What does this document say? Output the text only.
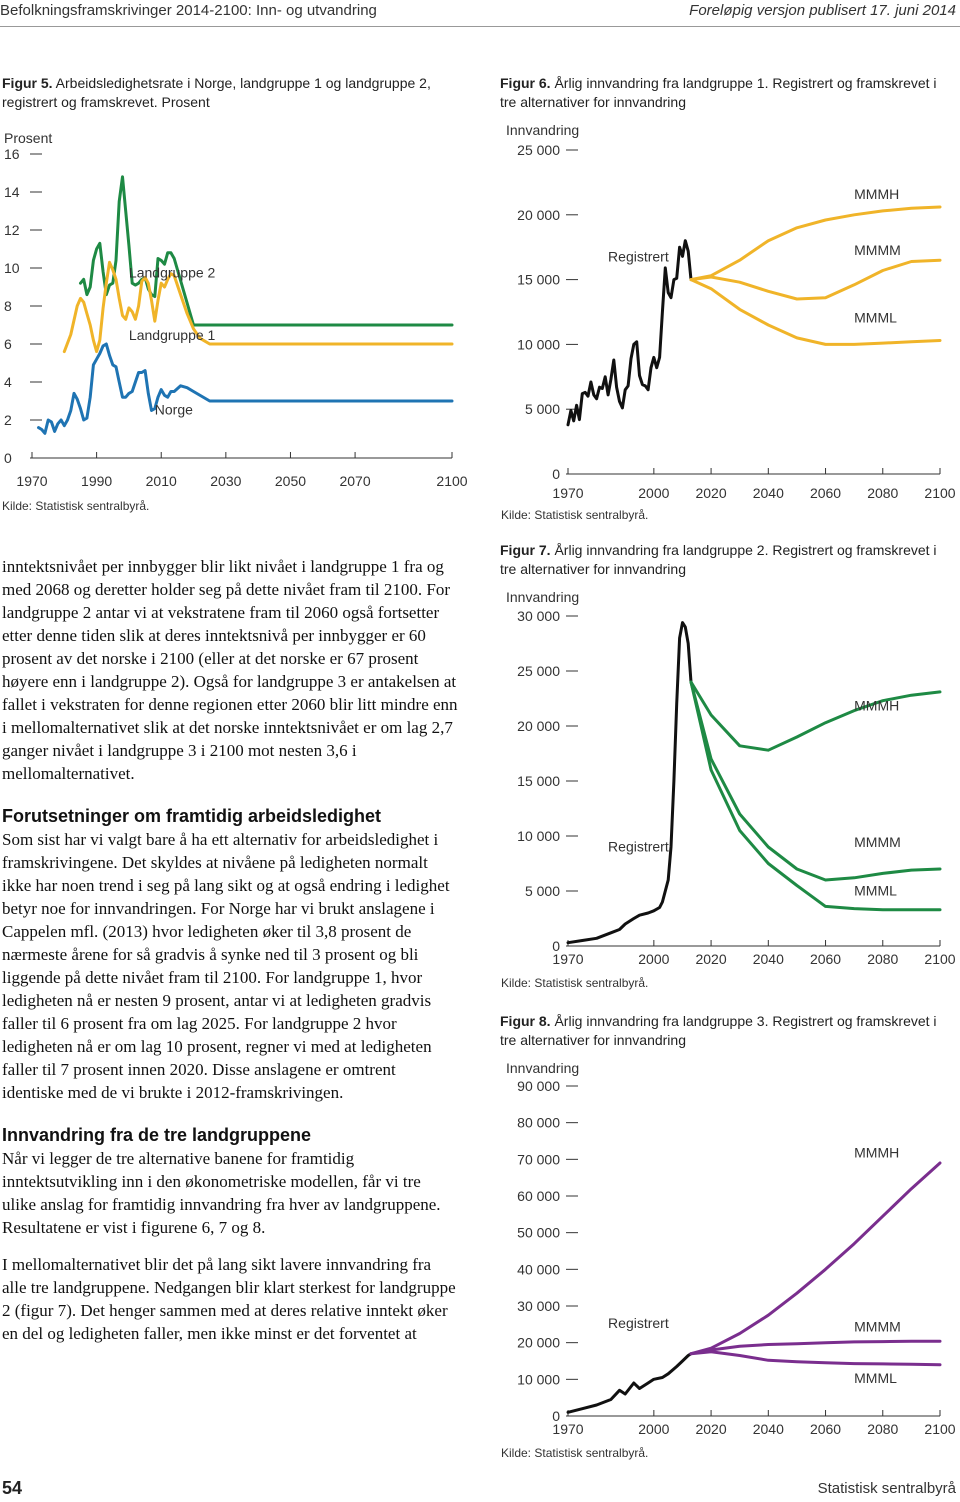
Befolkningsframskrivinger 2014-2100: Inn- og utvandring	Foreløpig versjon publisert 17. juni 2014
Figur 5. Arbeidsledighetsrate i Norge, landgruppe 1 og landgruppe 2, registrert og framskrevet. Prosent
Prosent
0
2
4
6
8
10
12
14
16
1970 1990 2010 2030 2050 2070	2100
Landgruppe 2
Landgruppe 1
Norge
Kilde: Statistisk sentralbyrå.
Figur 6. Årlig innvandring fra landgruppe 1. Registrert og framskrevet i tre alternativer for innvandring
Innvandring
0
5 000
10 000
15 000
20 000
25 000
1970	2000 2020 2040 2060 2080 2100
MMMH
MMMM
MMML
Registrert
Kilde: Statistisk sentralbyrå.
Figur 7. Årlig innvandring fra landgruppe 2. Registrert og framskrevet i tre alternativer for innvandring
Innvandring
0
5 000
10 000
15 000
20 000
25 000
30 000
1970	2000 2020 2040 2060 2080 2100
MMMH
MMMM
MMML
Registrert
Kilde: Statistisk sentralbyrå.
Figur 8. Årlig innvandring fra landgruppe 3. Registrert og framskrevet i tre alternativer for innvandring
Innvandring
0
10 000
20 000
30 000
40 000
50 000
60 000
70 000
80 000
90 000
1970	2000 2020 2040 2060 2080 2100
MMMH
MMMM
MMML
Registrert
Kilde: Statistisk sentralbyrå.

inntektsnivået per innbygger blir likt nivået i landgruppe 1 fra og med 2068 og deretter holder seg på dette nivået fram til 2100. For landgruppe 2 antar vi at vekstratene fram til 2060 også fortsetter etter denne tiden slik at deres inntektsnivå per innbygger er 60 prosent av det norske i 2100 (eller at det norske er 67 prosent høyere enn i landgruppe 2). Også for landgruppe 3 er antakelsen at fallet i vekstraten for denne regionen etter 2060 blir litt mindre enn i mellomalternativet slik at det norske inntektsnivået er om lag 2,7 ganger nivået i landgruppe 3 i 2100 mot nesten 3,6 i mellomalternativet.

Forutsetninger om framtidig arbeidsledighet

Som sist har vi valgt bare å ha ett alternativ for arbeidsledighet i framskrivingene. Det skyldes at nivåene på ledigheten normalt ikke har noen trend i seg på lang sikt og at også endring i ledighet betyr noe for innvandringen. For Norge har vi brukt anslagene i Cappelen mfl. (2013) hvor ledigheten øker til 3,8 prosent de nærmeste årene for så gradvis å synke ned til 3 prosent og bli liggende på dette nivået fram til 2100. For landgruppe 1, hvor ledigheten nå er nesten 9 prosent, antar vi at ledigheten gradvis faller til 6 prosent fra om lag 2025. For landgruppe 2 hvor ledigheten nå er om lag 10 prosent, regner vi med at ledigheten faller til 7 prosent innen 2020. Disse anslagene er omtrent identiske med de vi brukte i 2012-framskrivingen.

Innvandring fra de tre landgruppene

Når vi legger de tre alternative banene for framtidig inntektsutvikling inn i den økonometriske modellen, får vi tre ulike anslag for framtidig innvandring fra hver av landgruppene. Resultatene er vist i figurene 6, 7 og 8.

I mellomalternativet blir det på lang sikt lavere innvandring fra alle tre landgruppene. Nedgangen blir klart sterkest for landgruppe 2 (figur 7). Det henger sammen med at deres relative inntekt øker en del og ledigheten faller, men ikke minst er det forventet at

54	Statistisk sentralbyrå
